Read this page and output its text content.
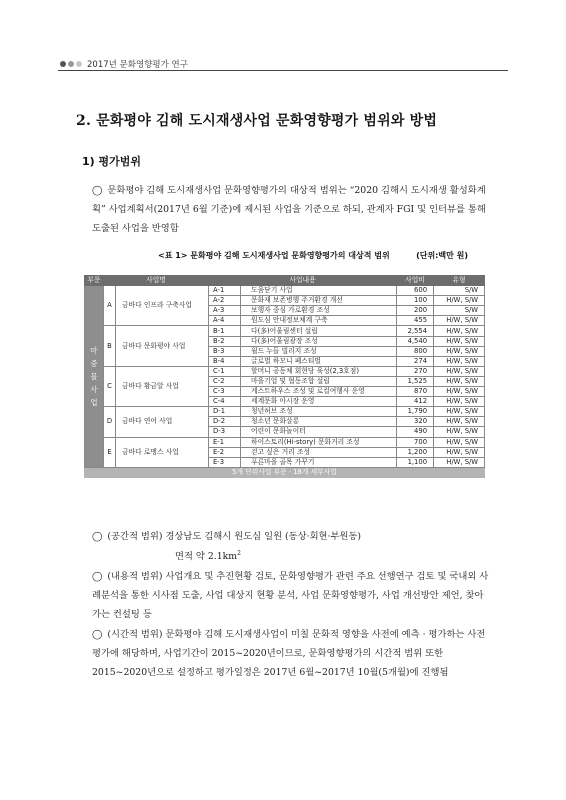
2017년 문화영향평가 연구
2. 문화평야 김해 도시재생사업 문화영향평가 범위와 방법
1) 평가범위
◯ 문화평야 김해 도시재생사업 문화영향평가의 대상적 범위는 “2020 김해시 도시재생 활성화계획” 사업계획서(2017년 6월 기준)에 제시된 사업을 기준으로 하되, 관계자 FGI 및 인터뷰를 통해 도출된 사업을 반영함
<표 1> 문화평야 김해 도시재생사업 문화영향평가의 대상적 범위	(단위:백만 원)
부문	사업명		사업내용		사업비	유형
마중물사업	A	금바다 인프라 구축사업	A-1	도움닫기 사업	600	S/W
			A-2	문화재 보존병행 주거환경 개선	100	H/W, S/W
			A-3	보행자 중심 가로환경 조성	200	S/W
			A-4	원도심 안내정보체계 구축	455	H/W, S/W
	B	금바다 문화평야 사업	B-1	다(多)어울림센터 설립	2,554	H/W, S/W
			B-2	다(多)어울림광장 조성	4,540	H/W, S/W
			B-3	월드 누들 빌리지 조성	800	H/W, S/W
			B-4	글로벌 하모니 페스티벌	274	H/W, S/W
	C	금바다 황금알 사업	C-1	할머니 공동체 회현당 육성(2,3호점)	270	H/W, S/W
			C-2	마을기업 및 협동조합 설립	1,525	H/W, S/W
			C-3	게스트하우스 조성 및 로컬여행사 운영	870	H/W, S/W
			C-4	세계문화 아시장 운영	412	H/W, S/W
	D	금바다 연어 사업	D-1	청년허브 조성	1,790	H/W, S/W
			D-2	청소년 문화살롱	320	H/W, S/W
			D-3	어린이 문화놀이터	490	H/W, S/W
	E	금바다 로맹스 사업	E-1	하이스토리(Hi-story) 문화거리 조성	700	H/W, S/W
			E-2	걷고 싶은 거리 조성	1,200	H/W, S/W
			E-3	푸른마을 골목 가꾸기	1,100	H/W, S/W
5개 단위사업 부문 · 18개 세부사업						
◯ (공간적 범위) 경상남도 김해시 원도심 일원 (동상·회현·부원동)
면적 약 $2.1km^2$
◯ (내용적 범위) 사업개요 및 추진현황 검토, 문화영향평가 관련 주요 선행연구 검토 및 국내외 사례분석을 통한 시사점 도출, 사업 대상지 현황 분석, 사업 문화영향평가, 사업 개선방안 제언, 찾아가는 컨설팅 등
◯ (시간적 범위) 문화평야 김해 도시재생사업이 미칠 문화적 영향을 사전에 예측 · 평가하는 사전평가에 해당하며, 사업기간이 2015~2020년이므로, 문화영향평가의 시간적 범위 또한 2015~2020년으로 설정하고 평가일정은 2017년 6월~2017년 10월(5개월)에 진행됨
